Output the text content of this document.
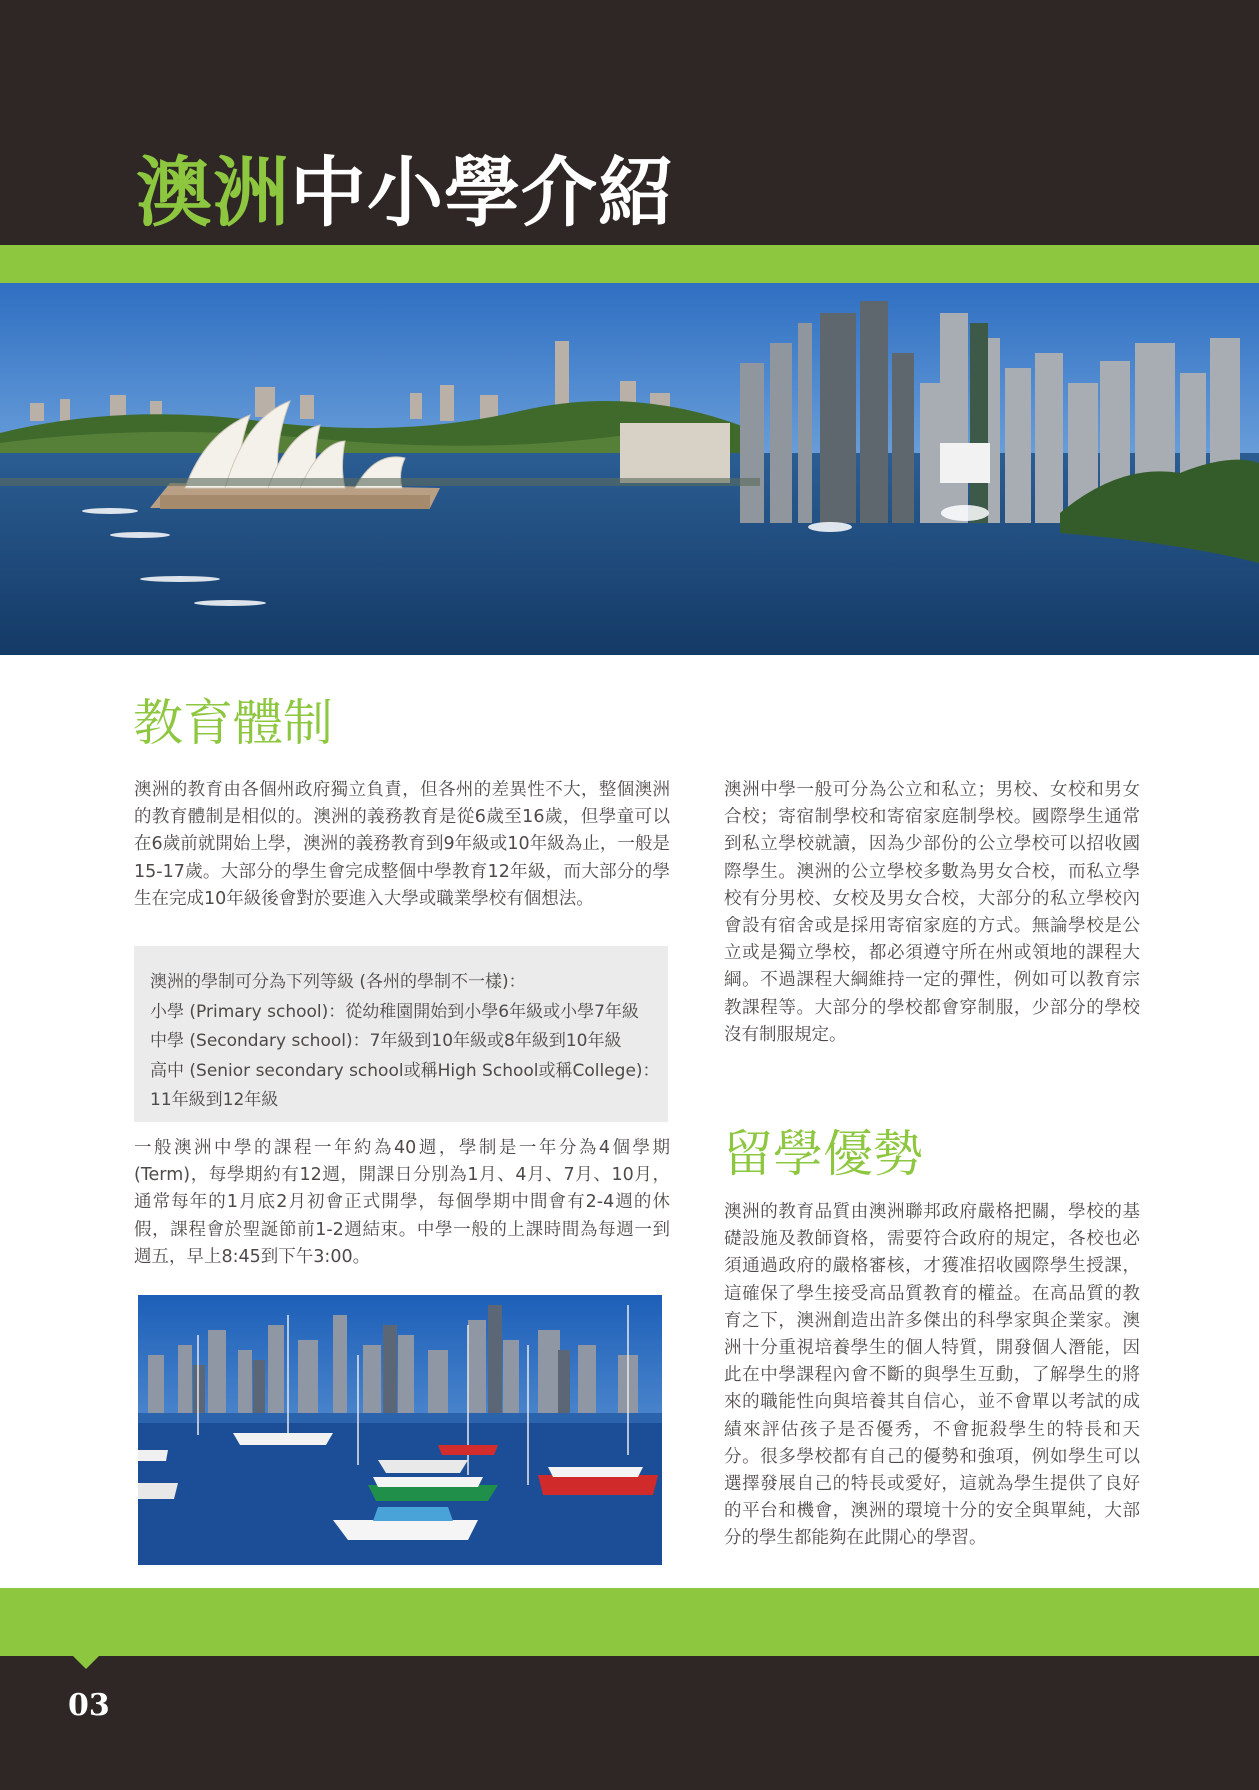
澳洲中小學介紹
教育體制

澳洲的教育由各個州政府獨立負責，但各州的差異性不大，整個澳洲的教育體制是相似的。澳洲的義務教育是從6歲至16歲，但學童可以在6歲前就開始上學，澳洲的義務教育到9年級或10年級為止，一般是15-17歲。大部分的學生會完成整個中學教育12年級，而大部分的學生在完成10年級後會對於要進入大學或職業學校有個想法。

澳洲的學制可分為下列等級 (各州的學制不一樣)：
小學 (Primary school)：從幼稚園開始到小學6年級或小學7年級
中學 (Secondary school)：7年級到10年級或8年級到10年級
高中 (Senior secondary school或稱High School或稱College)：
11年級到12年級

一般澳洲中學的課程一年約為40週，學制是一年分為4個學期(Term)，每學期約有12週，開課日分別為1月、4月、7月、10月，通常每年的1月底2月初會正式開學，每個學期中間會有2-4週的休假，課程會於聖誕節前1-2週結束。中學一般的上課時間為每週一到週五，早上8:45到下午3:00。

澳洲中學一般可分為公立和私立；男校、女校和男女合校；寄宿制學校和寄宿家庭制學校。國際學生通常到私立學校就讀，因為少部份的公立學校可以招收國際學生。澳洲的公立學校多數為男女合校，而私立學校有分男校、女校及男女合校，大部分的私立學校內會設有宿舍或是採用寄宿家庭的方式。無論學校是公立或是獨立學校，都必須遵守所在州或領地的課程大綱。不過課程大綱維持一定的彈性，例如可以教育宗教課程等。大部分的學校都會穿制服，少部分的學校沒有制服規定。

留學優勢

澳洲的教育品質由澳洲聯邦政府嚴格把關，學校的基礎設施及教師資格，需要符合政府的規定，各校也必須通過政府的嚴格審核，才獲准招收國際學生授課，這確保了學生接受高品質教育的權益。在高品質的教育之下，澳洲創造出許多傑出的科學家與企業家。澳洲十分重視培養學生的個人特質，開發個人潛能，因此在中學課程內會不斷的與學生互動，了解學生的將來的職能性向與培養其自信心，並不會單以考試的成績來評估孩子是否優秀，不會扼殺學生的特長和天分。很多學校都有自己的優勢和強項，例如學生可以選擇發展自己的特長或愛好，這就為學生提供了良好的平台和機會，澳洲的環境十分的安全與單純，大部分的學生都能夠在此開心的學習。

03
